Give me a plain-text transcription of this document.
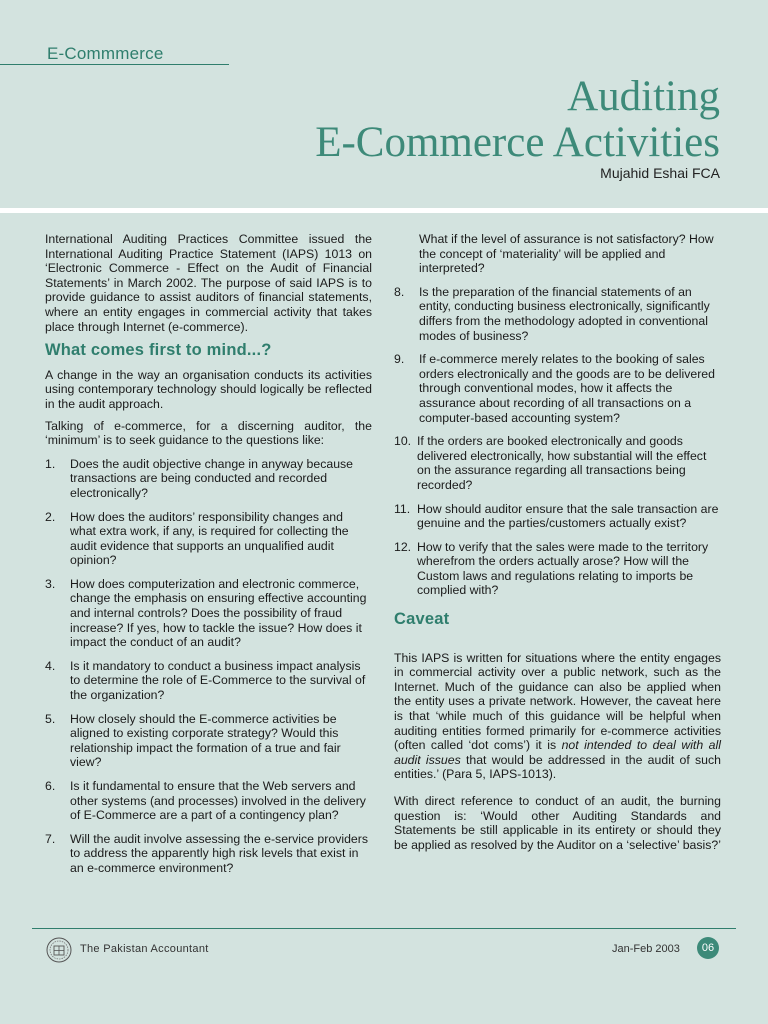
E-Commmerce
Auditing
E-Commerce Activities
Mujahid Eshai FCA

International Auditing Practices Committee issued the International Auditing Practice Statement (IAPS) 1013 on ‘Electronic Commerce - Effect on the Audit of Financial Statements’ in March 2002. The purpose of said IAPS is to provide guidance to assist auditors of financial statements, where an entity engages in commercial activity that takes place through Internet (e-commerce).

What comes first to mind...?

A change in the way an organisation conducts its activities using contemporary technology should logically be reflected in the audit approach.

Talking of e-commerce, for a discerning auditor, the ‘minimum’ is to seek guidance to the questions like:

1.	Does the audit objective change in anyway because transactions are being conducted and recorded electronically?
2.	How does the auditors’ responsibility changes and what extra work, if any, is required for collecting the audit evidence that supports an unqualified audit opinion?
3.	How does computerization and electronic commerce, change the emphasis on ensuring effective accounting and internal controls? Does the possibility of fraud increase? If yes, how to tackle the issue? How does it impact the conduct of an audit?
4.	Is it mandatory to conduct a business impact analysis to determine the role of E-Commerce to the survival of the organization?
5.	How closely should the E-commerce activities be aligned to existing corporate strategy? Would this relationship impact the formation of a true and fair view?
6.	Is it fundamental to ensure that the Web servers and other systems (and processes) involved in the delivery of E-Commerce are a part of a contingency plan?
7.	Will the audit involve assessing the e-service providers to address the apparently high risk levels that exist in an e-commerce environment?
What if the level of assurance is not satisfactory? How the concept of ‘materiality’ will be applied and interpreted?
8.	Is the preparation of the financial statements of an entity, conducting business electronically, significantly differs from the methodology adopted in conventional modes of business?
9.	If e-commerce merely relates to the booking of sales orders electronically and the goods are to be delivered through conventional modes, how it affects the assurance about recording of all transactions on a computer-based accounting system?
10. If the orders are booked electronically and goods delivered electronically, how substantial will the effect on the assurance regarding all transactions being recorded?
11. How should auditor ensure that the sale transaction are genuine and the parties/customers actually exist?
12. How to verify that the sales were made to the territory wherefrom the orders actually arose? How will the Custom laws and regulations relating to imports be complied with?
Caveat

This IAPS is written for situations where the entity engages in commercial activity over a public network, such as the Internet. Much of the guidance can also be applied when the entity uses a private network. However, the caveat here is that ‘while much of this guidance will be helpful when auditing entities formed primarily for e-commerce activities (often called ‘dot coms’) it is not intended to deal with all audit issues that would be addressed in the audit of such entities.’ (Para 5, IAPS-1013).

With direct reference to conduct of an audit, the burning question is: ‘Would other Auditing Standards and Statements be still applicable in its entirety or should they be applied as resolved by the Auditor on a ‘selective’ basis?’

The Pakistan Accountant	Jan-Feb 2003	06
